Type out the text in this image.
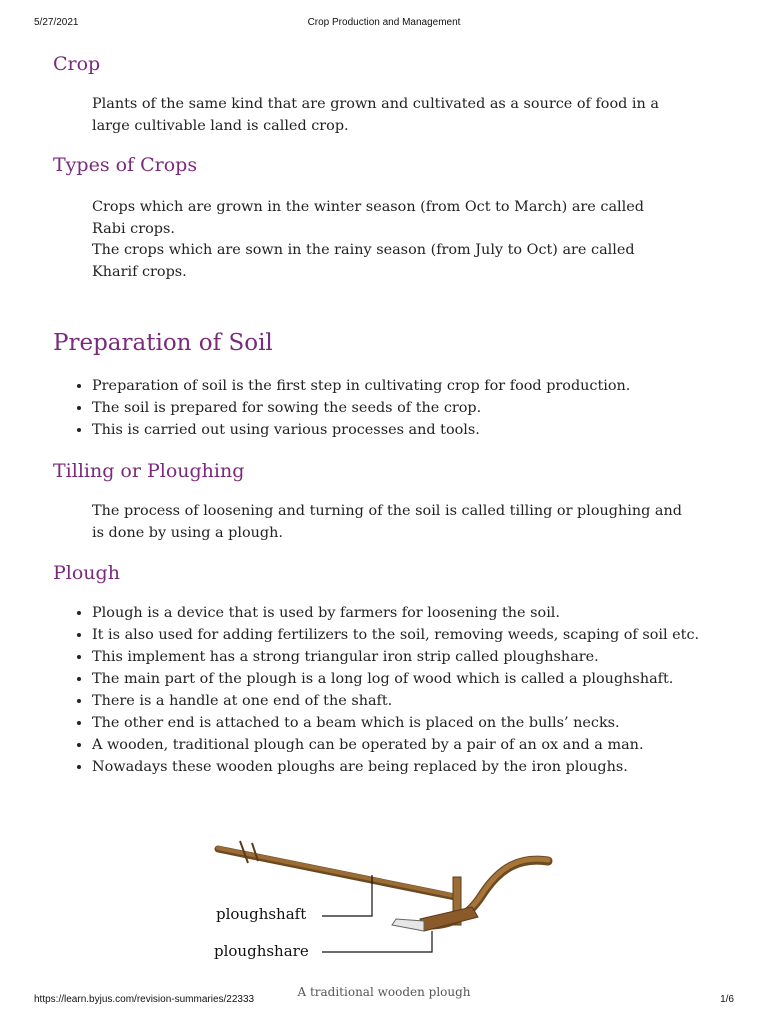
5/27/2021	Crop Production and Management
Crop

Plants of the same kind that are grown and cultivated as a source of food in a large cultivable land is called crop.

Types of Crops

Crops which are grown in the winter season (from Oct to March) are called Rabi crops.

The crops which are sown in the rainy season (from July to Oct) are called Kharif crops.

Preparation of Soil
• Preparation of soil is the first step in cultivating crop for food production.
• The soil is prepared for sowing the seeds of the crop.
• This is carried out using various processes and tools.
Tilling or Ploughing

The process of loosening and turning of the soil is called tilling or ploughing and is done by using a plough.

Plough
• Plough is a device that is used by farmers for loosening the soil.
• It is also used for adding fertilizers to the soil, removing weeds, scaping of soil etc.
• This implement has a strong triangular iron strip called ploughshare.
• The main part of the plough is a long log of wood which is called a ploughshaft.
• There is a handle at one end of the shaft.
• The other end is attached to a beam which is placed on the bulls’ necks.
• A wooden, traditional plough can be operated by a pair of an ox and a man.
• Nowadays these wooden ploughs are being replaced by the iron ploughs.
ploughshaft
ploughshare
A traditional wooden plough
https://learn.byjus.com/revision-summaries/22333	1/6
